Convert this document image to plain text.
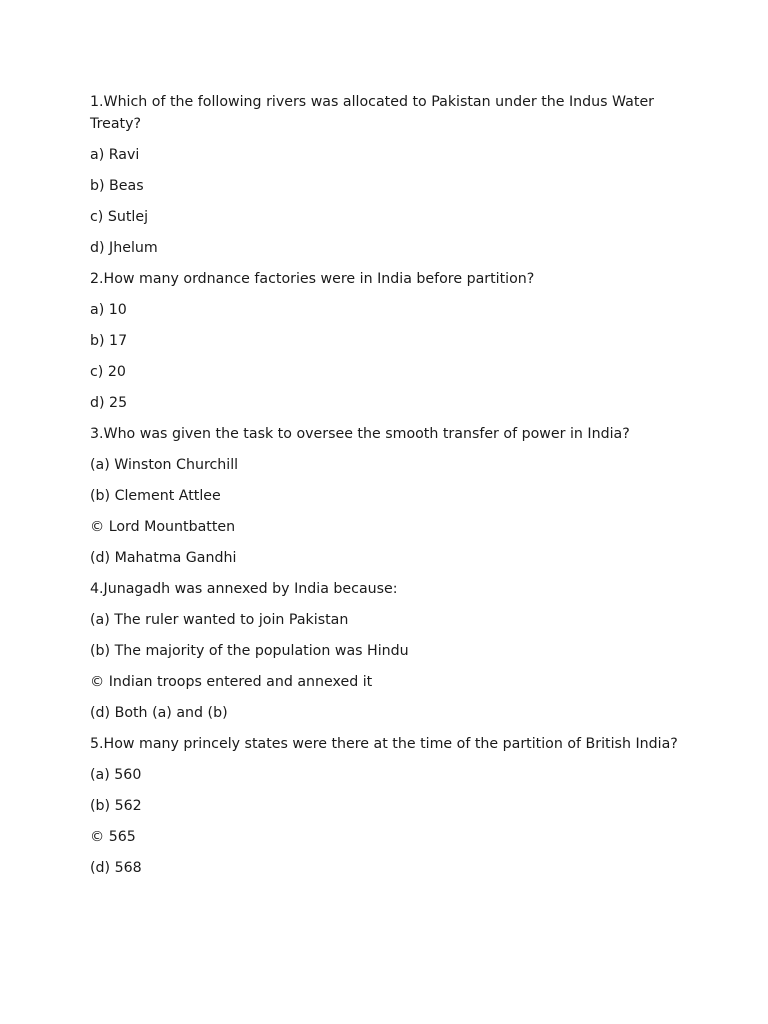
1.Which of the following rivers was allocated to Pakistan under the Indus Water Treaty?
a) Ravi
b) Beas
c) Sutlej
d) Jhelum
2.How many ordnance factories were in India before partition?
a) 10
b) 17
c) 20
d) 25
3.Who was given the task to oversee the smooth transfer of power in India?
(a) Winston Churchill
(b) Clement Attlee
© Lord Mountbatten
(d) Mahatma Gandhi
4.Junagadh was annexed by India because:
(a) The ruler wanted to join Pakistan
(b) The majority of the population was Hindu
© Indian troops entered and annexed it
(d) Both (a) and (b)
5.How many princely states were there at the time of the partition of British India?
(a) 560
(b) 562
© 565
(d) 568
